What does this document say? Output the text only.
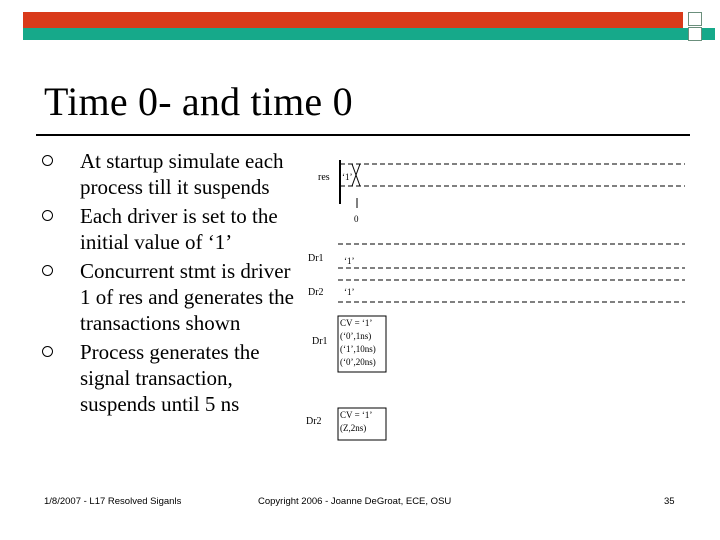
Time 0- and time 0
At startup simulate each process till it suspends
Each driver is set to the initial value of ‘1’
Concurrent stmt is driver 1 of res and generates the transactions shown
Process generates the signal transaction, suspends until 5 ns
res ‘1’
0
Dr1 ‘1’
Dr2 ‘1’
Dr1
CV = ‘1’
(‘0’,1ns)
(‘1’,10ns)
(‘0’,20ns)
Dr2
CV = ‘1’
(Z,2ns)
1/8/2007 - L17 Resolved Siganls	Copyright 2006 - Joanne DeGroat, ECE, OSU	35
